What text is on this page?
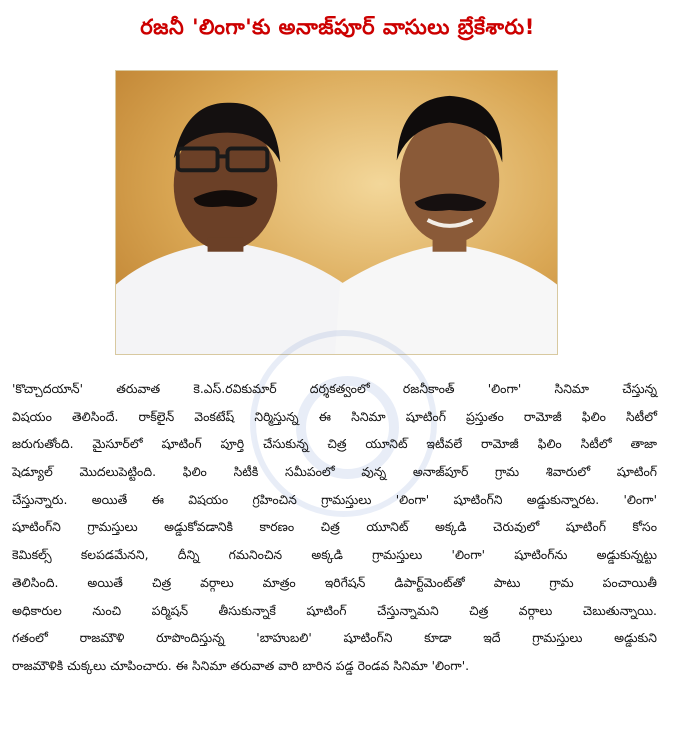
రజనీ 'లింగా'కు అనాజ్‌పూర్ వాసులు బ్రేకేశారు!
'కొచ్చాదయాన్' తరువాత కె.ఎస్.రవికుమార్ దర్శకత్వంలో రజనీకాంత్ 'లింగా' సినిమా చేస్తున్న
విషయం తెలిసిందే. రాక్‌లైన్ వెంకటేష్ నిర్మిస్తున్న ఈ సినిమా షూటింగ్ ప్రస్తుతం రామోజీ ఫిలిం సిటీలో
జరుగుతోంది. మైసూర్‌లో షూటింగ్ పూర్తి చేసుకున్న చిత్ర యూనిట్ ఇటీవలే రామోజీ ఫిలిం సిటీలో తాజా
షెడ్యూల్ మొదలుపెట్టింది. ఫిలిం సిటీకి సమీపంలో వున్న అనాజ్‌పూర్ గ్రామ శివారులో షూటింగ్
చేస్తున్నారు. అయితే ఈ విషయం గ్రహించిన గ్రామస్తులు 'లింగా' షూటింగ్‌ని అడ్డుకున్నారట. 'లింగా'
షూటింగ్‌ని గ్రామస్తులు అడ్డుకోవడానికి కారణం చిత్ర యూనిట్ అక్కడి చెరువులో షూటింగ్ కోసం
కెమికల్స్ కలపడమేనని, దీన్ని గమనించిన అక్కడి గ్రామస్తులు 'లింగా' షూటింగ్‌ను అడ్డుకున్నట్టు
తెలిసింది. అయితే చిత్ర వర్గాలు మాత్రం ఇరిగేషన్ డిపార్ట్‌మెంట్‌తో పాటు గ్రామ పంచాయితీ
అధికారుల నుంచి పర్మిషన్ తీసుకున్నాకే షూటింగ్ చేస్తున్నామని చిత్ర వర్గాలు చెబుతున్నాయి.
గతంలో రాజమౌళి రూపొందిస్తున్న 'బాహుబలి' షూటింగ్‌ని కూడా ఇదే గ్రామస్తులు అడ్డుకుని
రాజమౌళికి చుక్కలు చూపించారు. ఈ సినిమా తరువాత వారి బారిన పడ్డ రెండవ సినిమా 'లింగా'.
